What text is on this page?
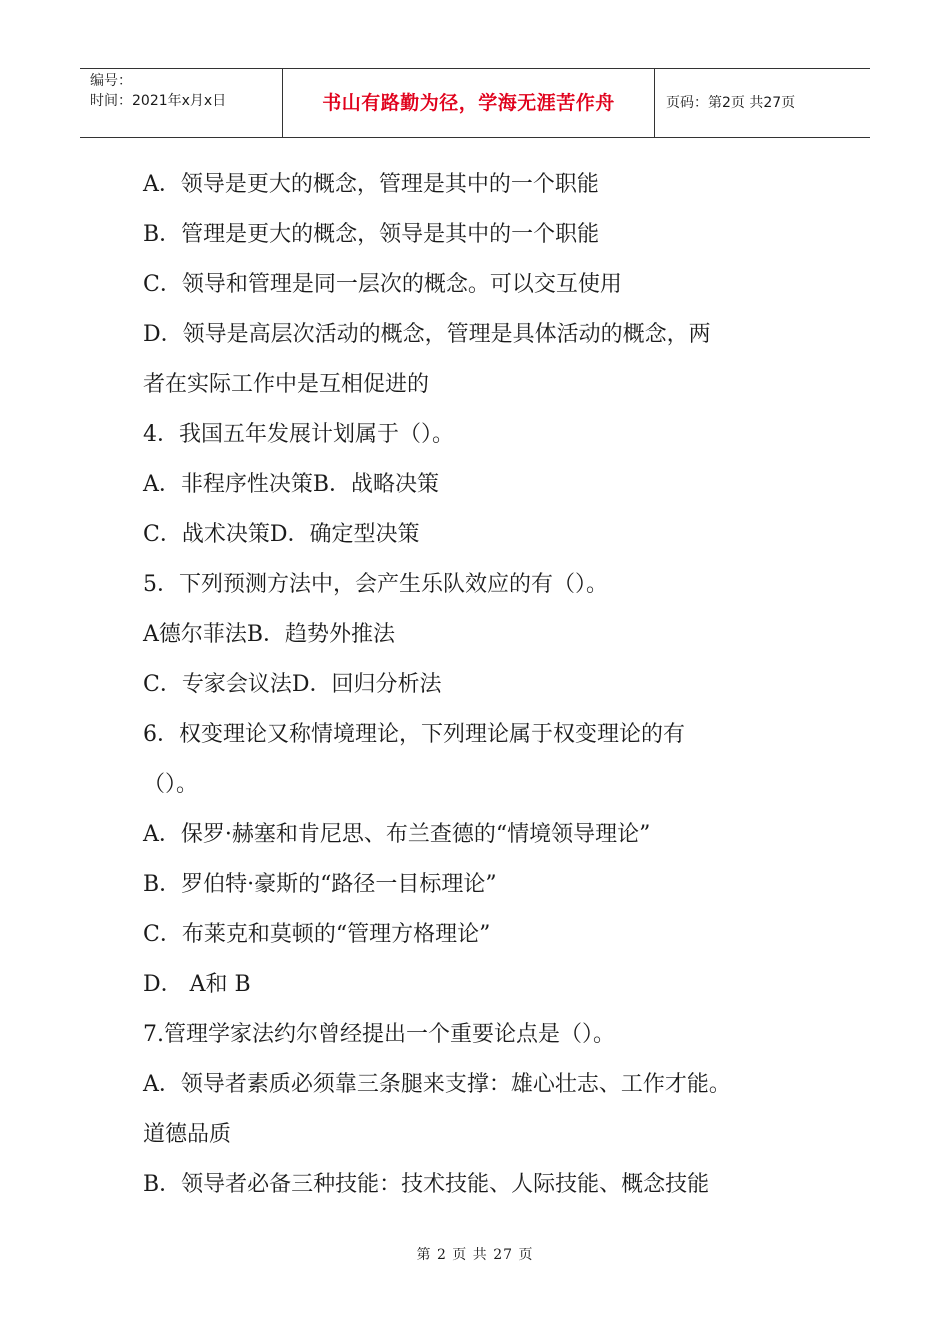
编号：
时间：2021年x月x日	书山有路勤为径，学海无涯苦作舟	页码：第2页 共27页
A．领导是更大的概念，管理是其中的一个职能
B．管理是更大的概念，领导是其中的一个职能
C．领导和管理是同一层次的概念。可以交互使用
D．领导是高层次活动的概念，管理是具体活动的概念，两
者在实际工作中是互相促进的
4．我国五年发展计划属于（）。
A．非程序性决策B．战略决策
C．战术决策D．确定型决策
5．下列预测方法中，会产生乐队效应的有（）。
A德尔菲法B．趋势外推法
C．专家会议法D．回归分析法
6．权变理论又称情境理论，下列理论属于权变理论的有
（）。
A．保罗·赫塞和肯尼思、布兰查德的“情境领导理论”
B．罗伯特·豪斯的“路径一目标理论”
C．布莱克和莫顿的“管理方格理论”
D． A和 B
7.管理学家法约尔曾经提出一个重要论点是（）。
A．领导者素质必须靠三条腿来支撑：雄心壮志、工作才能。
道德品质
B．领导者必备三种技能：技术技能、人际技能、概念技能
第 2 页 共 27 页
